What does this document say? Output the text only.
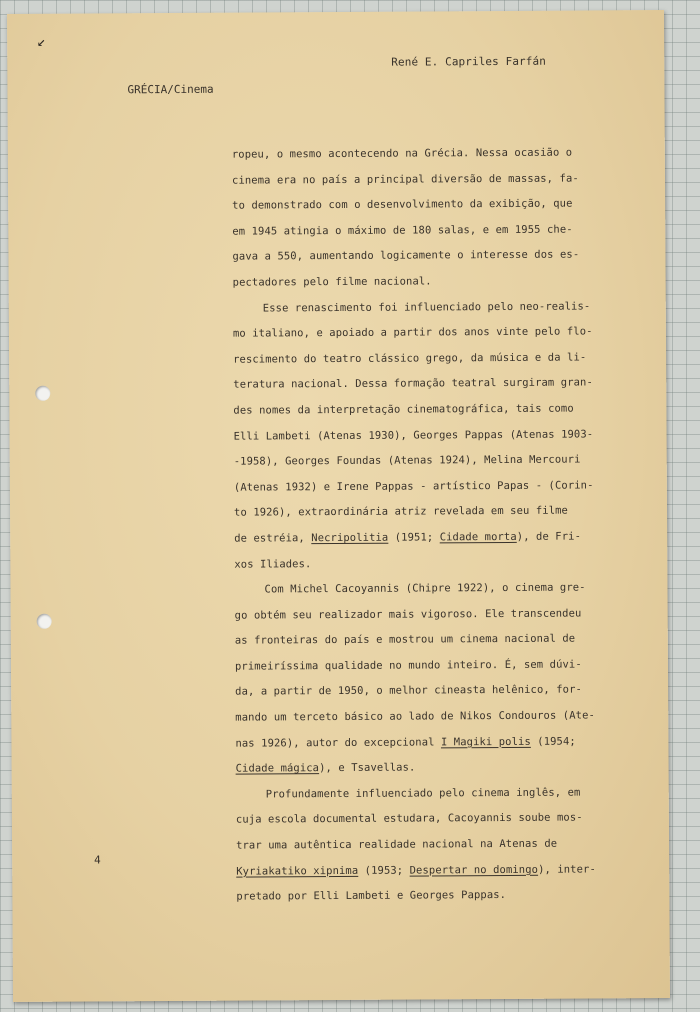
↙
René E. Capriles Farfán
GRÉCIA/Cinema
ropeu, o mesmo acontecendo na Grécia. Nessa ocasião o
cinema era no país a principal diversão de massas, fa-
to demonstrado com o desenvolvimento da exibição, que
em 1945 atingia o máximo de 180 salas, e em 1955 che-
gava a 550, aumentando logicamente o interesse dos es-
pectadores pelo filme nacional.
Esse renascimento foi influenciado pelo neo-realis-
mo italiano, e apoiado a partir dos anos vinte pelo flo-
rescimento do teatro clássico grego, da música e da li-
teratura nacional. Dessa formação teatral surgiram gran-
des nomes da interpretação cinematográfica, tais como
Elli Lambeti (Atenas 1930), Georges Pappas (Atenas 1903-
-1958), Georges Foundas (Atenas 1924), Melina Mercouri
(Atenas 1932) e Irene Pappas - artístico Papas - (Corin-
to 1926), extraordinária atriz revelada em seu filme
de estréia, Necripolitia (1951; Cidade morta), de Fri-
xos Iliades.
Com Michel Cacoyannis (Chipre 1922), o cinema gre-
go obtém seu realizador mais vigoroso. Ele transcendeu
as fronteiras do país e mostrou um cinema nacional de
primeiríssima qualidade no mundo inteiro. É, sem dúvi-
da, a partir de 1950, o melhor cineasta helênico, for-
mando um terceto básico ao lado de Nikos Condouros (Ate-
nas 1926), autor do excepcional I Magiki polis (1954;
Cidade mágica), e Tsavellas.
Profundamente influenciado pelo cinema inglês, em
cuja escola documental estudara, Cacoyannis soube mos-
trar uma autêntica realidade nacional na Atenas de
Kyriakatiko xipnima (1953; Despertar no domingo), inter-
pretado por Elli Lambeti e Georges Pappas.
4
